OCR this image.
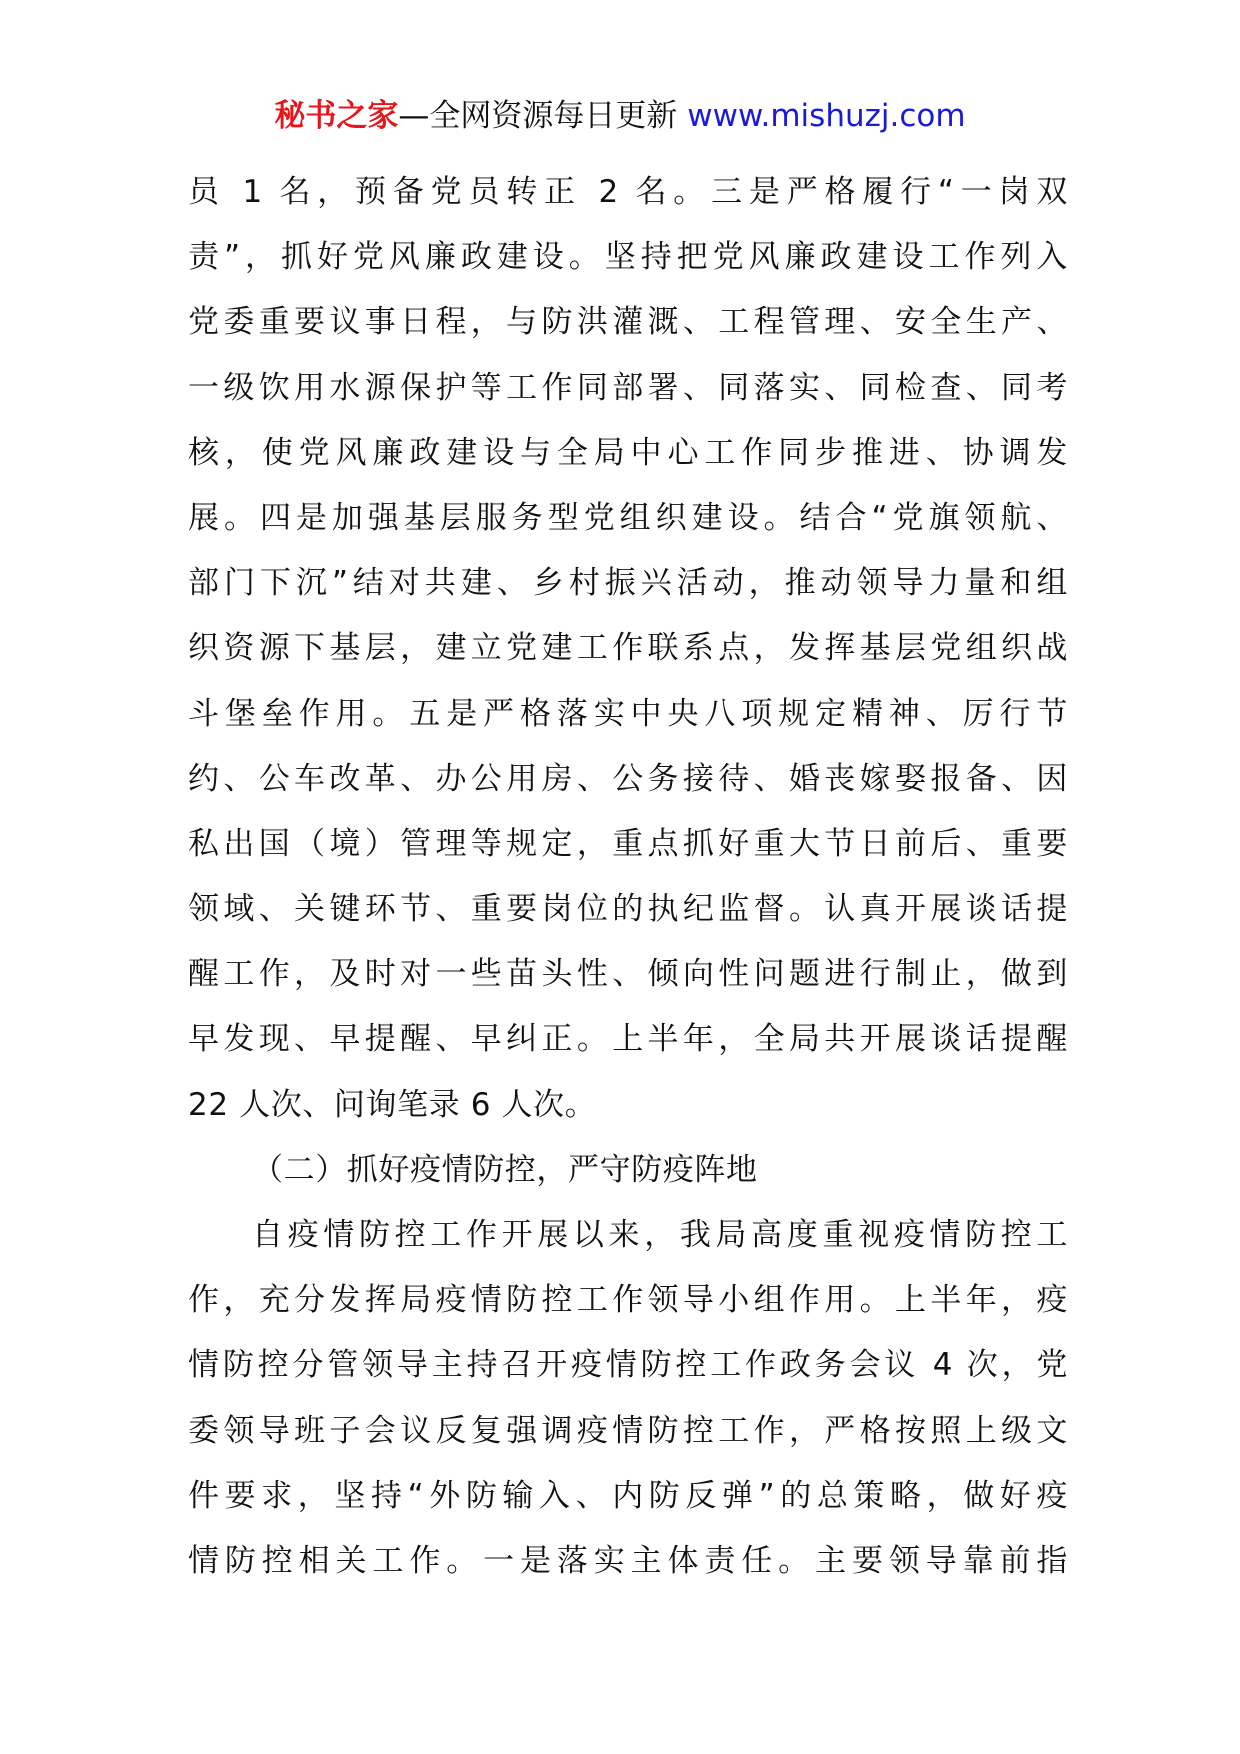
秘书之家—全网资源每日更新 www.mishuzj.com
员 1 名，预备党员转正 2 名。三是严格履行“一岗双
责”，抓好党风廉政建设。坚持把党风廉政建设工作列入
党委重要议事日程，与防洪灌溉、工程管理、安全生产、
一级饮用水源保护等工作同部署、同落实、同检查、同考
核，使党风廉政建设与全局中心工作同步推进、协调发
展。四是加强基层服务型党组织建设。结合“党旗领航、
部门下沉”结对共建、乡村振兴活动，推动领导力量和组
织资源下基层，建立党建工作联系点，发挥基层党组织战
斗堡垒作用。五是严格落实中央八项规定精神、厉行节
约、公车改革、办公用房、公务接待、婚丧嫁娶报备、因
私出国（境）管理等规定，重点抓好重大节日前后、重要
领域、关键环节、重要岗位的执纪监督。认真开展谈话提
醒工作，及时对一些苗头性、倾向性问题进行制止，做到
早发现、早提醒、早纠正。上半年，全局共开展谈话提醒
22 人次、问询笔录 6 人次。
（二）抓好疫情防控，严守防疫阵地
自疫情防控工作开展以来，我局高度重视疫情防控工
作，充分发挥局疫情防控工作领导小组作用。上半年，疫
情防控分管领导主持召开疫情防控工作政务会议 4 次，党
委领导班子会议反复强调疫情防控工作，严格按照上级文
件要求，坚持“外防输入、内防反弹”的总策略，做好疫
情防控相关工作。一是落实主体责任。主要领导靠前指
